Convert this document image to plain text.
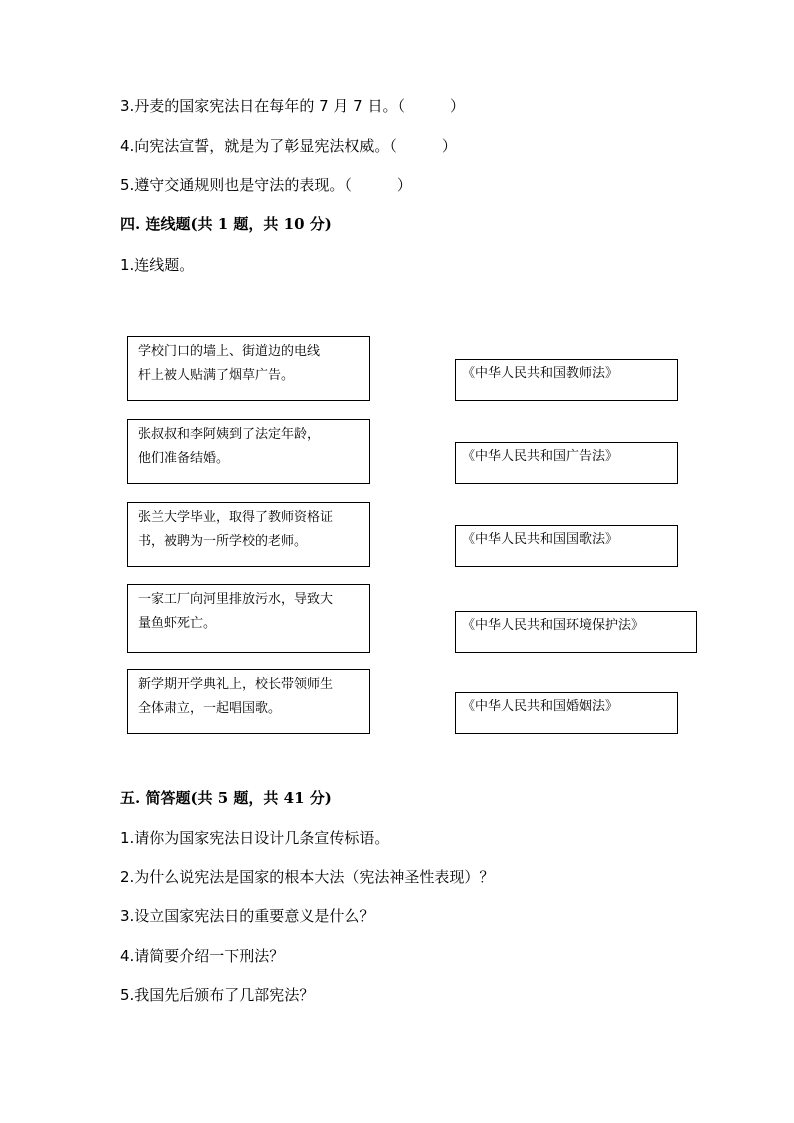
3.丹麦的国家宪法日在每年的 7 月 7 日。（　　　）
4.向宪法宣誓，就是为了彰显宪法权威。（　　　）
5.遵守交通规则也是守法的表现。（　　　）
四. 连线题(共 1 题，共 10 分)
1.连线题。
学校门口的墙上、街道边的电线
杆上被人贴满了烟草广告。
张叔叔和李阿姨到了法定年龄，
他们准备结婚。
张兰大学毕业，取得了教师资格证
书，被聘为一所学校的老师。
一家工厂向河里排放污水，导致大
量鱼虾死亡。
新学期开学典礼上，校长带领师生
全体肃立，一起唱国歌。
《中华人民共和国教师法》
《中华人民共和国广告法》
《中华人民共和国国歌法》
《中华人民共和国环境保护法》
《中华人民共和国婚姻法》
五. 简答题(共 5 题，共 41 分)
1.请你为国家宪法日设计几条宣传标语。
2.为什么说宪法是国家的根本大法（宪法神圣性表现）？
3.设立国家宪法日的重要意义是什么？
4.请简要介绍一下刑法？
5.我国先后颁布了几部宪法？
